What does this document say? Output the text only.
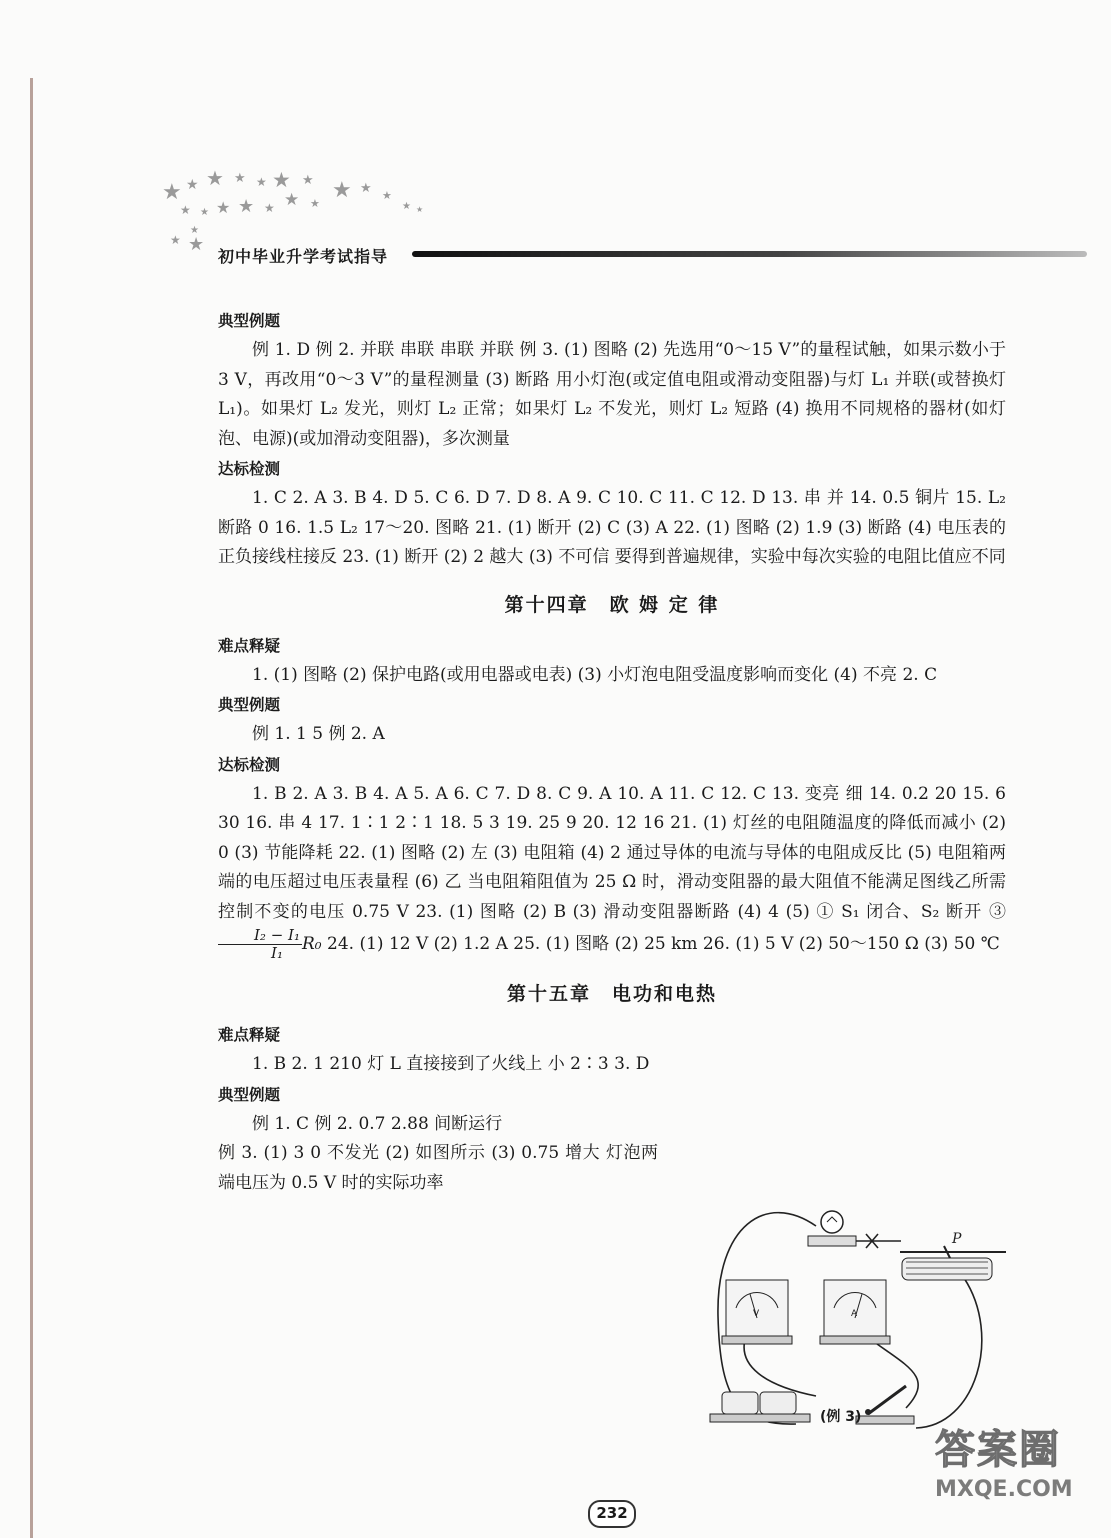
★ ★ ★ ★ ★ ★ ★ ★ ★ ★
★ ★ ★ ★ ★ ★ ★	★ ★
★
★ ★
初中毕业升学考试指导
典型例题

例 1. D 例 2. 并联 串联 串联 并联 例 3. (1) 图略 (2) 先选用“0～15 V”的量程试触，如果示数小于 3 V，再改用“0～3 V”的量程测量 (3) 断路 用小灯泡(或定值电阻或滑动变阻器)与灯 L₁ 并联(或替换灯 L₁)。如果灯 L₂ 发光，则灯 L₂ 正常；如果灯 L₂ 不发光，则灯 L₂ 短路 (4) 换用不同规格的器材(如灯泡、电源)(或加滑动变阻器)，多次测量

达标检测

1. C 2. A 3. B 4. D 5. C 6. D 7. D 8. A 9. C 10. C 11. C 12. D 13. 串 并 14. 0.5 铜片 15. L₂ 断路 0 16. 1.5 L₂ 17～20. 图略 21. (1) 断开 (2) C (3) A 22. (1) 图略 (2) 1.9 (3) 断路 (4) 电压表的正负接线柱接反 23. (1) 断开 (2) 2 越大 (3) 不可信 要得到普遍规律，实验中每次实验的电阻比值应不同

第十四章　欧 姆 定 律
难点释疑

1. (1) 图略 (2) 保护电路(或用电器或电表) (3) 小灯泡电阻受温度影响而变化 (4) 不亮 2. C

典型例题

例 1. 1 5 例 2. A

达标检测

1. B 2. A 3. B 4. A 5. A 6. C 7. D 8. C 9. A 10. A 11. C 12. C 13. 变亮 细 14. 0.2 20 15. 6 30 16. 串 4 17. 1∶1 2∶1 18. 5 3 19. 25 9 20. 12 16 21. (1) 灯丝的电阻随温度的降低而减小 (2) 0 (3) 节能降耗 22. (1) 图略 (2) 左 (3) 电阻箱 (4) 2 通过导体的电流与导体的电阻成反比 (5) 电阻箱两端的电压超过电压表量程 (6) 乙 当电阻箱阻值为 25 Ω 时，滑动变阻器的最大阻值不能满足图线乙所需控制不变的电压 0.75 V 23. (1) 图略 (2) B (3) 滑动变阻器断路 (4) 4 (5) ① S₁ 闭合、S₂ 断开 ③
$\frac{\text{I₂ − I₁}}{\text{I₁}} R_0$ 24. (1) 12 V (2) 1.2 A 25. (1) 图略 (2) 25 km 26. (1) 5 V (2) 50～150 Ω (3) 50 ℃

第十五章　电功和电热
难点释疑

1. B 2. 1 210 灯 L 直接接到了火线上 小 2∶3 3. D

典型例题

例 1. C 例 2. 0.7 2.88 间断运行

例 3. (1) 3 0 不发光 (2) 如图所示 (3) 0.75 增大 灯泡两端电压为 0.5 V 时的实际功率

P
V	A
(例 3)
232
答案圈
MXQE.COM
